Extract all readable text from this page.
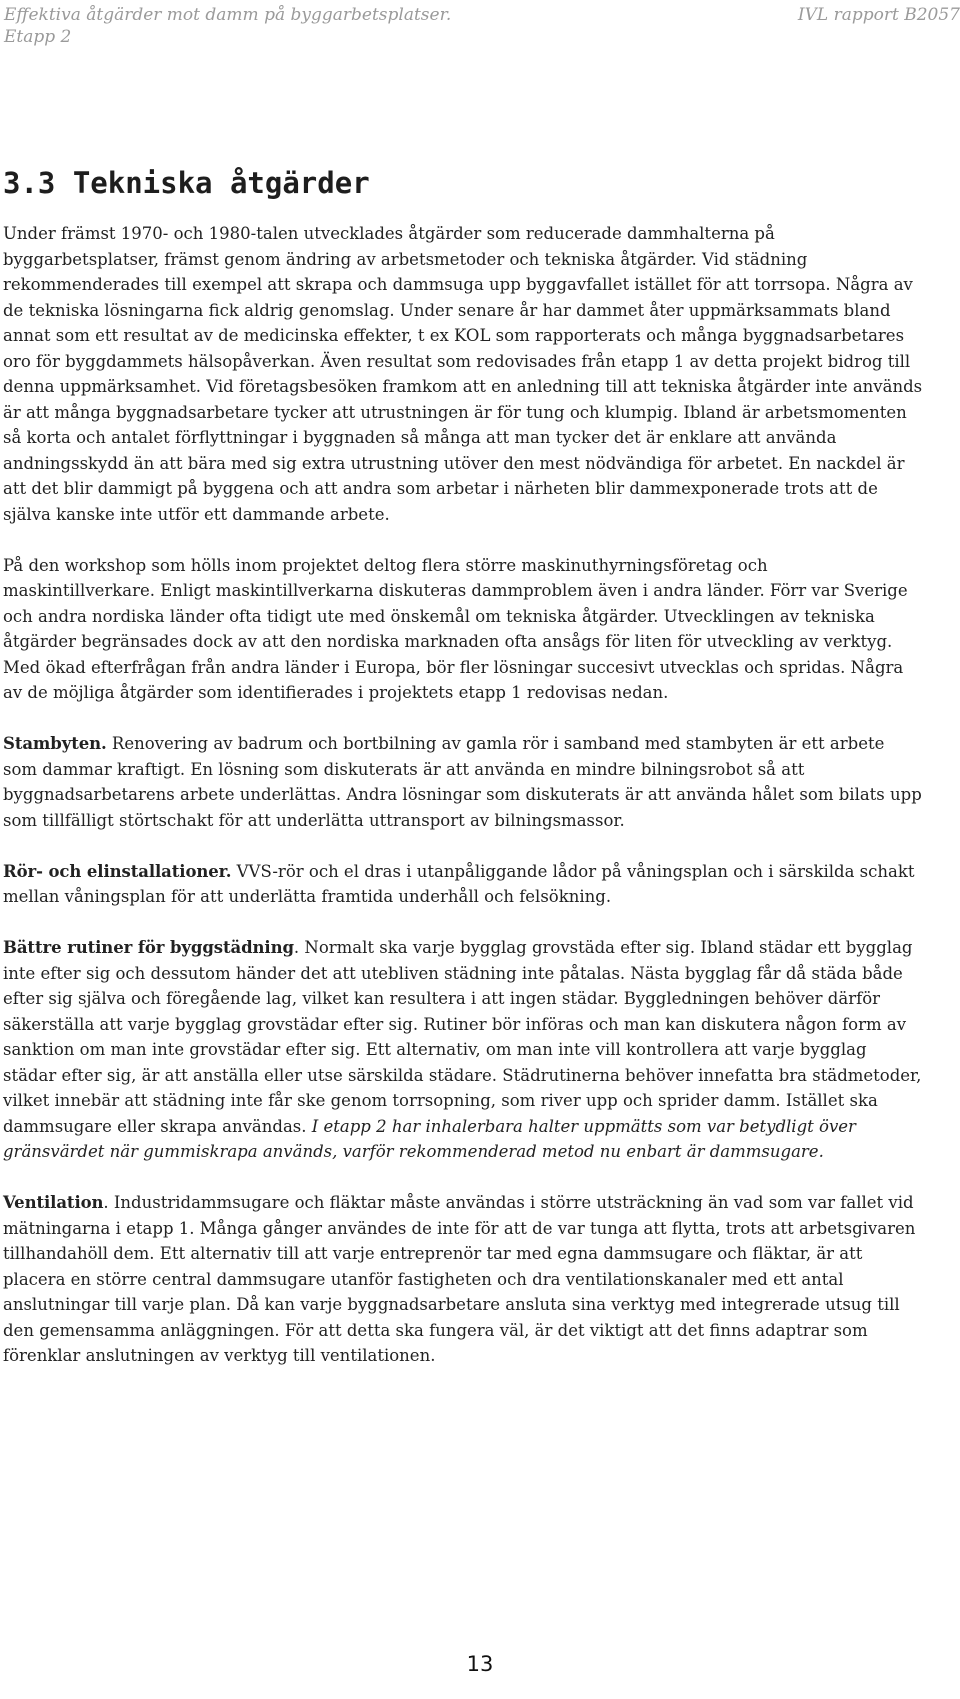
Effektiva åtgärder mot damm på byggarbetsplatser.
Etapp 2
IVL rapport B2057
3.3 Tekniska åtgärder

Under främst 1970- och 1980-talen utvecklades åtgärder som reducerade dammhalterna på byggarbetsplatser, främst genom ändring av arbetsmetoder och tekniska åtgärder. Vid städning rekommenderades till exempel att skrapa och dammsuga upp byggavfallet istället för att torrsopa. Några av de tekniska lösningarna fick aldrig genomslag. Under senare år har dammet åter uppmärksammats bland annat som ett resultat av de medicinska effekter, t ex KOL som rapporterats och många byggnadsarbetares oro för byggdammets hälsopåverkan. Även resultat som redovisades från etapp 1 av detta projekt bidrog till denna uppmärksamhet. Vid företagsbesöken framkom att en anledning till att tekniska åtgärder inte används är att många byggnadsarbetare tycker att utrustningen är för tung och klumpig. Ibland är arbetsmomenten så korta och antalet förflyttningar i byggnaden så många att man tycker det är enklare att använda andningsskydd än att bära med sig extra utrustning utöver den mest nödvändiga för arbetet. En nackdel är att det blir dammigt på byggena och att andra som arbetar i närheten blir dammexponerade trots att de själva kanske inte utför ett dammande arbete.

På den workshop som hölls inom projektet deltog flera större maskinuthyrningsföretag och maskintillverkare. Enligt maskintillverkarna diskuteras dammproblem även i andra länder. Förr var Sverige och andra nordiska länder ofta tidigt ute med önskemål om tekniska åtgärder. Utvecklingen av tekniska åtgärder begränsades dock av att den nordiska marknaden ofta ansågs för liten för utveckling av verktyg. Med ökad efterfrågan från andra länder i Europa, bör fler lösningar succesivt utvecklas och spridas. Några av de möjliga åtgärder som identifierades i projektets etapp 1 redovisas nedan.

Stambyten. Renovering av badrum och bortbilning av gamla rör i samband med stambyten är ett arbete som dammar kraftigt. En lösning som diskuterats är att använda en mindre bilningsrobot så att byggnadsarbetarens arbete underlättas. Andra lösningar som diskuterats är att använda hålet som bilats upp som tillfälligt störtschakt för att underlätta uttransport av bilningsmassor.

Rör- och elinstallationer. VVS-rör och el dras i utanpåliggande lådor på våningsplan och i särskilda schakt mellan våningsplan för att underlätta framtida underhåll och felsökning.

Bättre rutiner för byggstädning. Normalt ska varje bygglag grovstäda efter sig. Ibland städar ett bygglag inte efter sig och dessutom händer det att utebliven städning inte påtalas. Nästa bygglag får då städa både efter sig själva och föregående lag, vilket kan resultera i att ingen städar. Byggledningen behöver därför säkerställa att varje bygglag grovstädar efter sig. Rutiner bör införas och man kan diskutera någon form av sanktion om man inte grovstädar efter sig. Ett alternativ, om man inte vill kontrollera att varje bygglag städar efter sig, är att anställa eller utse särskilda städare. Städrutinerna behöver innefatta bra städmetoder, vilket innebär att städning inte får ske genom torrsopning, som river upp och sprider damm. Istället ska dammsugare eller skrapa användas. I etapp 2 har inhalerbara halter uppmätts som var betydligt över gränsvärdet när gummiskrapa används, varför rekommenderad metod nu enbart är dammsugare.

Ventilation. Industridammsugare och fläktar måste användas i större utsträckning än vad som var fallet vid mätningarna i etapp 1. Många gånger användes de inte för att de var tunga att flytta, trots att arbetsgivaren tillhandahöll dem. Ett alternativ till att varje entreprenör tar med egna dammsugare och fläktar, är att placera en större central dammsugare utanför fastigheten och dra ventilationskanaler med ett antal anslutningar till varje plan. Då kan varje byggnadsarbetare ansluta sina verktyg med integrerade utsug till den gemensamma anläggningen. För att detta ska fungera väl, är det viktigt att det finns adaptrar som förenklar anslutningen av verktyg till ventilationen.

13
